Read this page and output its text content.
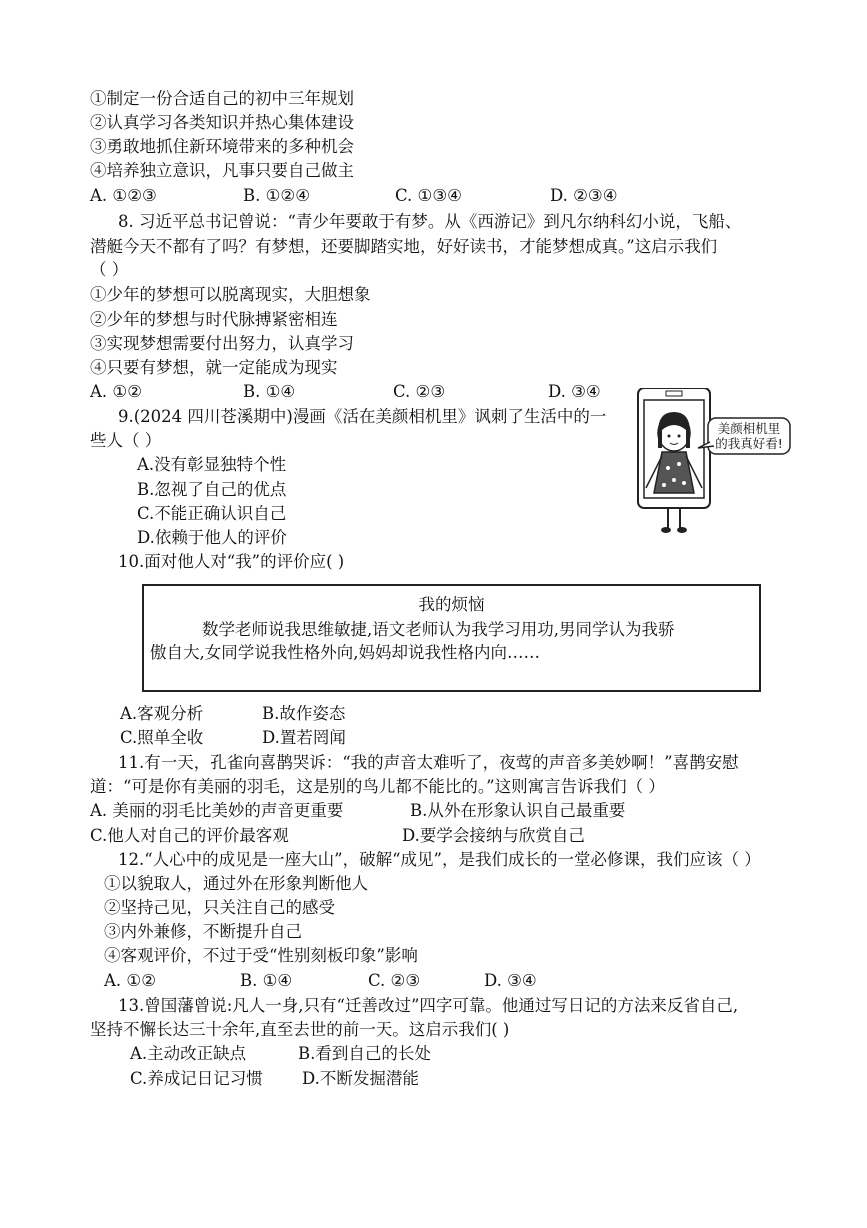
①制定一份合适自己的初中三年规划
②认真学习各类知识并热心集体建设
③勇敢地抓住新环境带来的多种机会
④培养独立意识，凡事只要自己做主
A. ①②③	B. ①②④	C. ①③④	D. ②③④
8. 习近平总书记曾说：“青少年要敢于有梦。从《西游记》到凡尔纳科幻小说，飞船、
潜艇今天不都有了吗？有梦想，还要脚踏实地，好好读书，才能梦想成真。”这启示我们
（ ）
①少年的梦想可以脱离现实，大胆想象
②少年的梦想与时代脉搏紧密相连
③实现梦想需要付出努力，认真学习
④只要有梦想，就一定能成为现实
A. ①②	B. ①④	C. ②③	D. ③④
9.(2024 四川苍溪期中)漫画《活在美颜相机里》讽刺了生活中的一
些人（ ）
A.没有彰显独特个性
B.忽视了自己的优点
C.不能正确认识自己
D.依赖于他人的评价
美颜相机里
的我真好看!
10.面对他人对“我”的评价应( )
我的烦恼
数学老师说我思维敏捷,语文老师认为我学习用功,男同学认为我骄
傲自大,女同学说我性格外向,妈妈却说我性格内向……
A.客观分析	B.故作姿态
C.照单全收	D.置若罔闻
11.有一天，孔雀向喜鹊哭诉：“我的声音太难听了，夜莺的声音多美妙啊！”喜鹊安慰
道：“可是你有美丽的羽毛，这是别的鸟儿都不能比的。”这则寓言告诉我们（ ）
A. 美丽的羽毛比美妙的声音更重要	B.从外在形象认识自己最重要
C.他人对自己的评价最客观	D.要学会接纳与欣赏自己
12.“人心中的成见是一座大山”，破解“成见”，是我们成长的一堂必修课，我们应该（ ）
①以貌取人，通过外在形象判断他人
②坚持己见，只关注自己的感受
③内外兼修，不断提升自己
④客观评价，不过于受“性别刻板印象”影响
A. ①②	B. ①④	C. ②③	D. ③④
13.曾国藩曾说:凡人一身,只有“迁善改过”四字可靠。他通过写日记的方法来反省自己,
坚持不懈长达三十余年,直至去世的前一天。这启示我们( )
A.主动改正缺点	B.看到自己的长处
C.养成记日记习惯 D.不断发掘潜能
